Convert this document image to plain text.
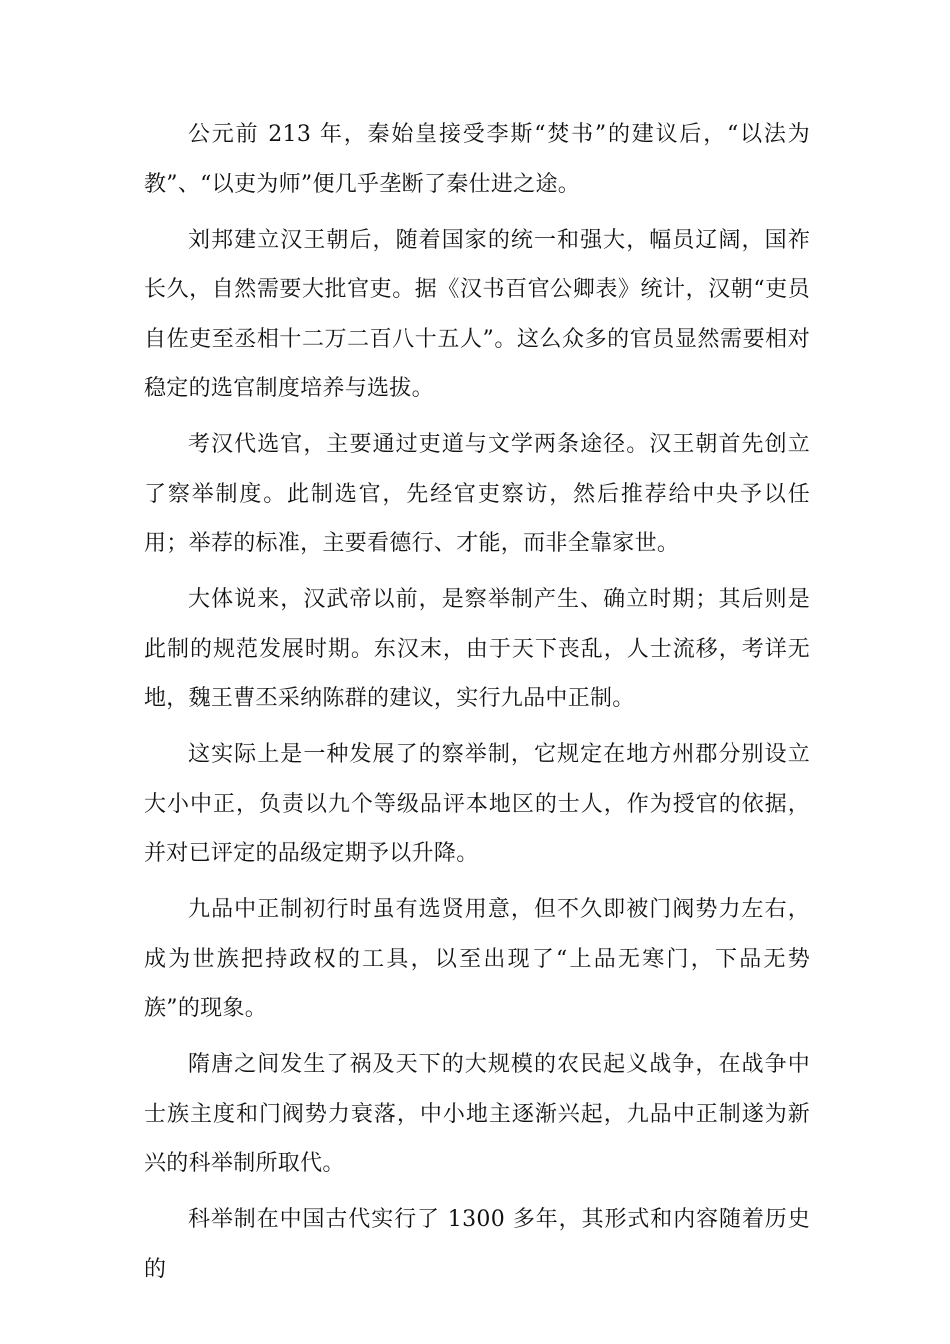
公元前 213 年，秦始皇接受李斯“焚书”的建议后，“以法为教”、“以吏为师”便几乎垄断了秦仕进之途。

刘邦建立汉王朝后，随着国家的统一和强大，幅员辽阔，国祚长久，自然需要大批官吏。据《汉书百官公卿表》统计，汉朝“吏员自佐吏至丞相十二万二百八十五人”。这么众多的官员显然需要相对稳定的选官制度培养与选拔。

考汉代选官，主要通过吏道与文学两条途径。汉王朝首先创立了察举制度。此制选官，先经官吏察访，然后推荐给中央予以任用；举荐的标准，主要看德行、才能，而非全靠家世。

大体说来，汉武帝以前，是察举制产生、确立时期；其后则是此制的规范发展时期。东汉末，由于天下丧乱，人士流移，考详无地，魏王曹丕采纳陈群的建议，实行九品中正制。

这实际上是一种发展了的察举制，它规定在地方州郡分别设立大小中正，负责以九个等级品评本地区的士人，作为授官的依据，并对已评定的品级定期予以升降。

九品中正制初行时虽有选贤用意，但不久即被门阀势力左右，成为世族把持政权的工具，以至出现了“上品无寒门，下品无势族”的现象。

隋唐之间发生了祸及天下的大规模的农民起义战争，在战争中士族主度和门阀势力衰落，中小地主逐渐兴起，九品中正制遂为新兴的科举制所取代。

科举制在中国古代实行了 1300 多年，其形式和内容随着历史的
